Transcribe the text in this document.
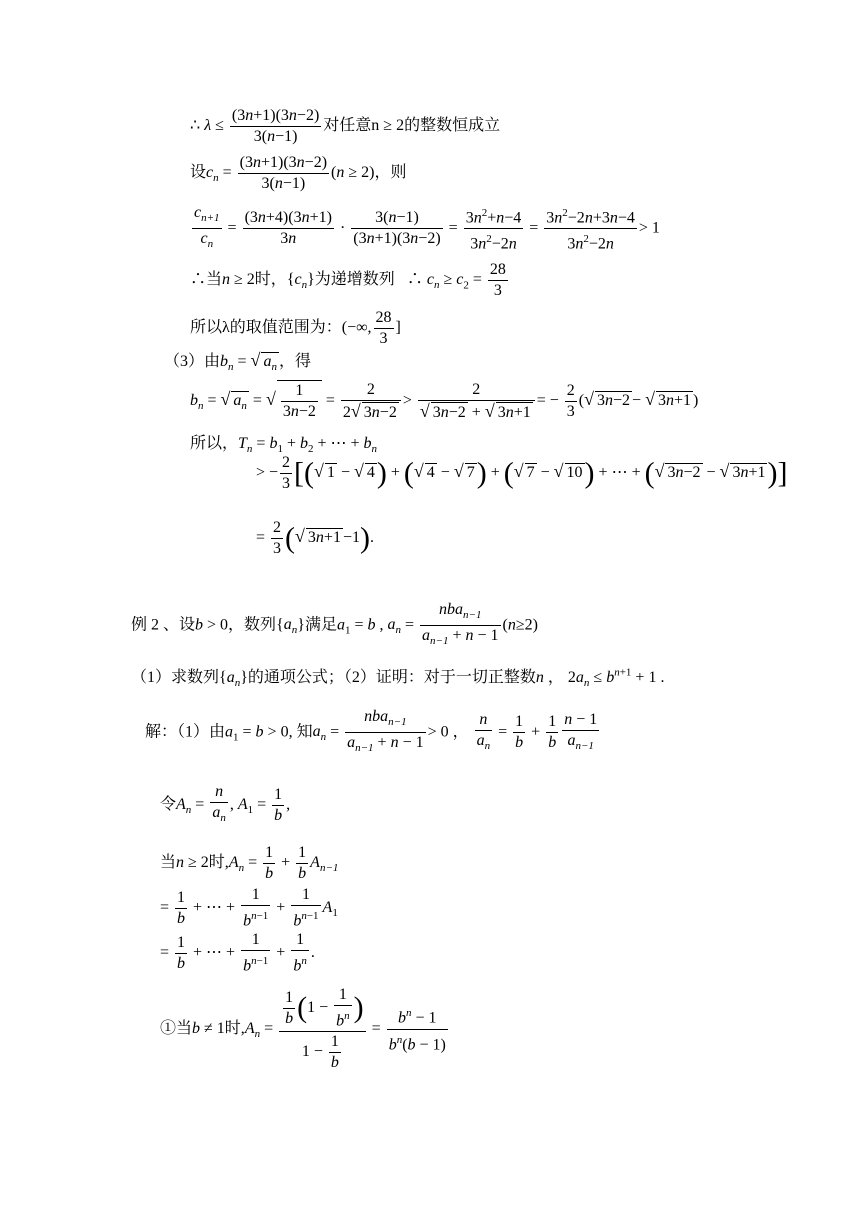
∴ $\lambda \le \frac{(3n+1)(3n-2)}{3(n-1)}$ 对任意n ≥ 2的整数恒成立
设$c_n = \frac{(3n+1)(3n-2)}{3(n-1)} (n \ge 2)$，则
$\frac{c_{n+1}}{c_n} = \frac{(3n+4)(3n+1)}{3n} \cdot \frac{3(n-1)}{(3n+1)(3n-2)} = \frac{3n^2+n-4}{3n^2-2n} = \frac{3n^2-2n+3n-4}{3n^2-2n} > 1$
∴当n ≥ 2时，$\{c_n\}$为递增数列   ∴ $c_n \ge c_2 = \frac{28}{3}$
所以λ的取值范围为：(−∞, $\frac{28}{3}$ ]
（3）由$b_n$ = √ $a_n$ ，得
$b_n$ = √ $a_n$ = √ $\frac{1}{3n-2} = \frac{2}{2√ 3n-2} > \frac{2}{√ 3n-2 + √ 3n+1}$ = − $\frac{2}{3}$ (√ 3n−2 − √ 3n+1 )
所以，$T_n = b_1 + b_2$ + ⋯ + $b_n$
> − $\frac{2}{3}$ [(√ 1 − √ 4) + (√ 4 − √ 7) + (√ 7 − √ 10) + ⋯ + (√ 3n−2 − √ 3n+1)]
= $\frac{2}{3}$ (√ 3n+1 −1).
例 2 、设b > 0，数列$\{a_n\}$满足$a_1 = b$ , $a_n = \frac{nba_{n-1}}{a_{n-1} + n - 1} (n\ge 2)$
（1）求数列$\{a_n\}$的通项公式；（2）证明：对于一切正整数n ， $2a_n \le b^{n+1} + 1$ .
解：（1）由$a_1 = b > 0$, 知$a_n = \frac{nba_{n-1}}{a_{n-1} + n - 1} > 0$ ， $\frac{n}{a_n} = \frac{1}{b} + \frac{1}{b} \frac{n - 1}{a_{n-1}}$
令$A_n = \frac{n}{a_n}$ , $A_1 = \frac{1}{b}$ ,
当n ≥ 2时$,A_n = \frac{1}{b} + \frac{1}{b} A_{n-1}$
= $\frac{1}{b}$ + ⋯ + $\frac{1}{b^{n-1}} + \frac{1}{b^{n-1}} A_1$
= $\frac{1}{b}$ + ⋯ + $\frac{1}{b^{n-1}} + \frac{1}{b^n}$ .
①当b ≠ 1时$,A_n = \frac{\frac{1}{b} (1 - \frac{1}{b^n} )}{1 - \frac{1}{b}} = \frac{b^n - 1}{b^n(b - 1)}$
